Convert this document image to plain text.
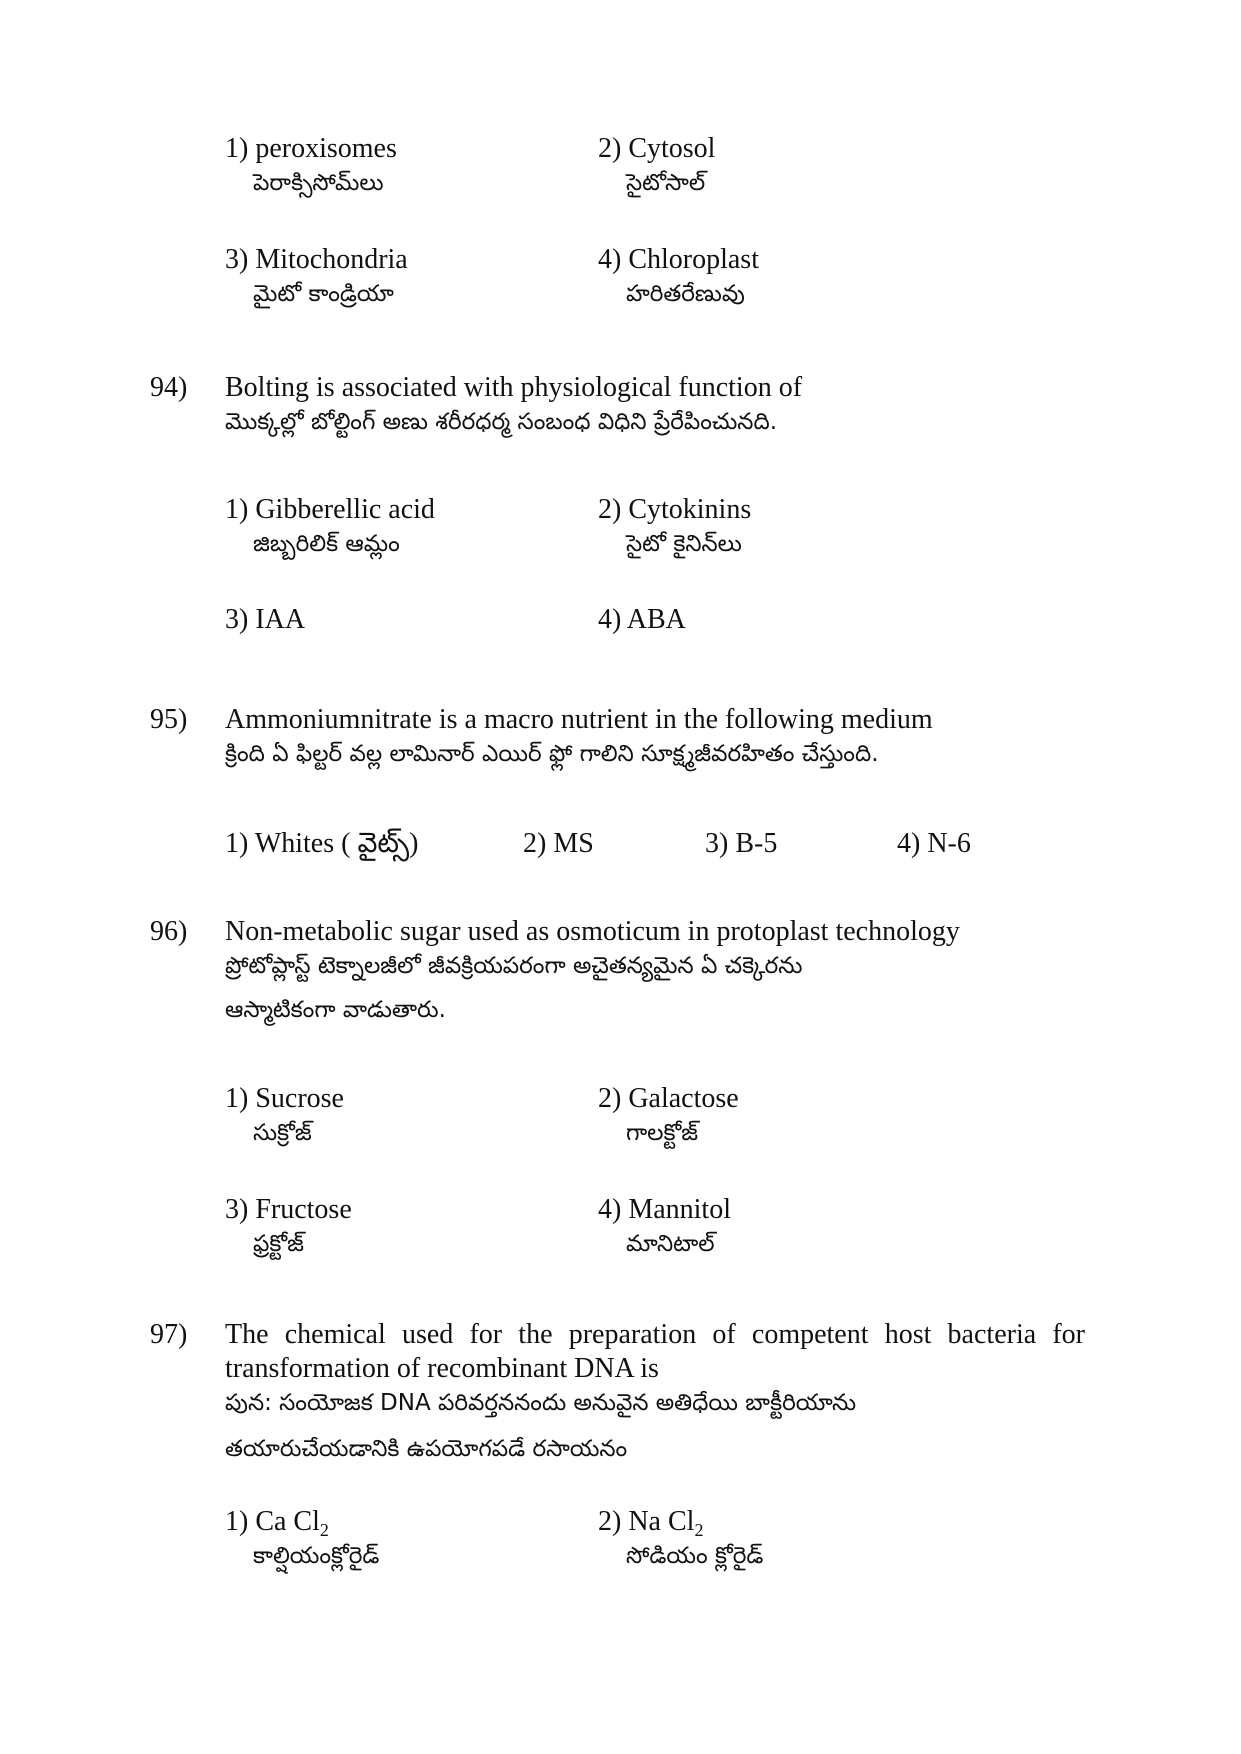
1) peroxisomes
పెరాక్సిసోమ్‌లు
2) Cytosol
సైటోసాల్
3) Mitochondria
మైటో కాండ్రియా
4) Chloroplast
హరితరేణువు
94) Bolting is associated with physiological function of
మొక్కల్లో బోల్టింగ్ అణు శరీరధర్మ సంబంధ విధిని ప్రేరేపించునది.
1) Gibberellic acid
జిబ్బరిలిక్ ఆమ్లం
2) Cytokinins
సైటో కైనిన్‌లు
3) IAA	4) ABA
95) Ammoniumnitrate is a macro nutrient in the following medium
క్రింది ఏ ఫిల్టర్ వల్ల లామినార్ ఎయిర్ ఫ్లో గాలిని సూక్ష్మజీవరహితం చేస్తుంది.
1) Whites ( వైట్స్)	2) MS	3) B-5	4) N-6
96) Non-metabolic sugar used as osmoticum in protoplast technology
ప్రోటోప్లాస్ట్ టెక్నాలజీలో జీవక్రియపరంగా అచైతన్యమైన ఏ చక్కెరను
ఆస్మాటికంగా వాడుతారు.
1) Sucrose
సుక్రోజ్
2) Galactose
గాలక్టోజ్
3) Fructose
ఫ్రక్టోజ్
4) Mannitol
మానిటాల్
97) The chemical used for the preparation of competent host bacteria for transformation of recombinant DNA is
పున: సంయోజక DNA పరివర్తననందు అనువైన అతిధేయి బాక్టీరియాను
తయారుచేయడానికి ఉపయోగపడే రసాయనం
1) Ca $Cl_2$
కాల్షియంక్లోరైడ్
2) Na $Cl_2$
సోడియం క్లోరైడ్
